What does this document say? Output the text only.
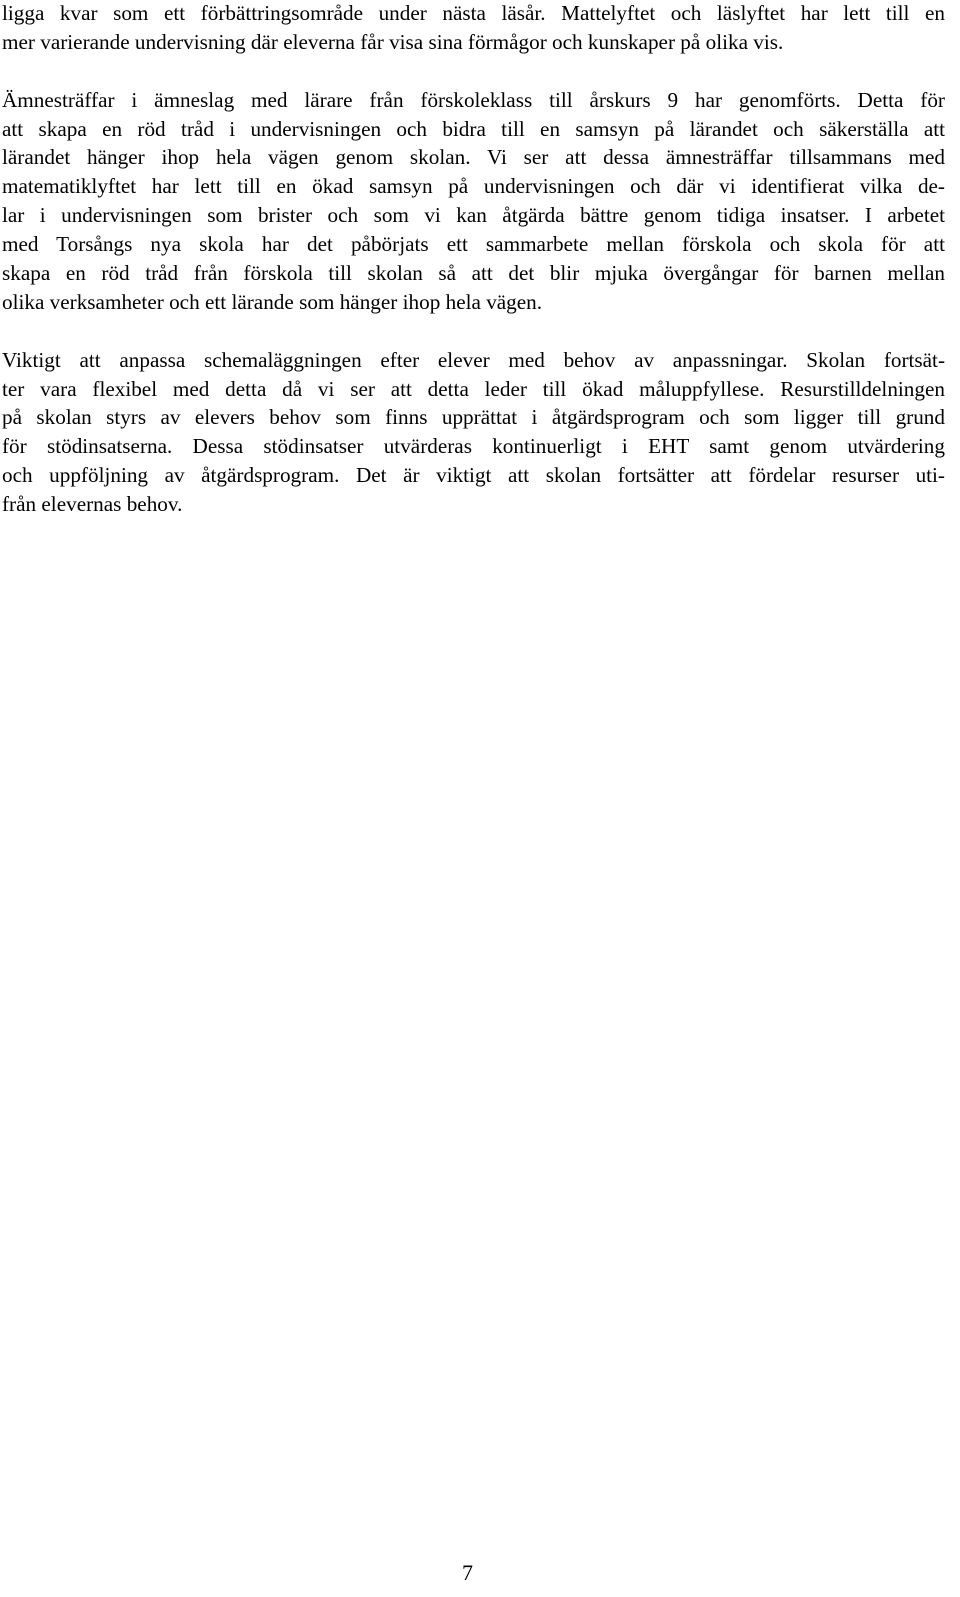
ligga kvar som ett förbättringsområde under nästa läsår. Mattelyftet och läslyftet har lett till en
mer varierande undervisning där eleverna får visa sina förmågor och kunskaper på olika vis.
Ämnesträffar i ämneslag med lärare från förskoleklass till årskurs 9 har genomförts. Detta för
att skapa en röd tråd i undervisningen och bidra till en samsyn på lärandet och säkerställa att
lärandet hänger ihop hela vägen genom skolan. Vi ser att dessa ämnesträffar tillsammans med
matematiklyftet har lett till en ökad samsyn på undervisningen och där vi identifierat vilka de-
lar i undervisningen som brister och som vi kan åtgärda bättre genom tidiga insatser. I arbetet
med Torsångs nya skola har det påbörjats ett sammarbete mellan förskola och skola för att
skapa en röd tråd från förskola till skolan så att det blir mjuka övergångar för barnen mellan
olika verksamheter och ett lärande som hänger ihop hela vägen.
Viktigt att anpassa schemaläggningen efter elever med behov av anpassningar. Skolan fortsät-
ter vara flexibel med detta då vi ser att detta leder till ökad måluppfyllese. Resurstilldelningen
på skolan styrs av elevers behov som finns upprättat i åtgärdsprogram och som ligger till grund
för stödinsatserna. Dessa stödinsatser utvärderas kontinuerligt i EHT samt genom utvärdering
och uppföljning av åtgärdsprogram. Det är viktigt att skolan fortsätter att fördelar resurser uti-
från elevernas behov.
7
